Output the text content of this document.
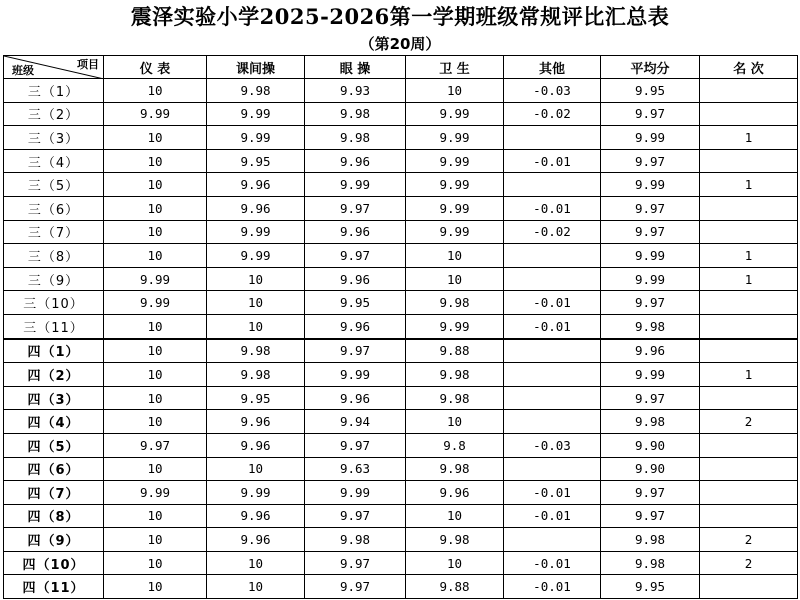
震泽实验小学2025-2026第一学期班级常规评比汇总表
（第20周）
项目
班级	仪 表	课间操	眼 操	卫 生	其他	平均分	名 次
三（1）	10	9.98	9.93	10	-0.03	9.95	
三（2）	9.99	9.99	9.98	9.99	-0.02	9.97	
三（3）	10	9.99	9.98	9.99		9.99	1
三（4）	10	9.95	9.96	9.99	-0.01	9.97	
三（5）	10	9.96	9.99	9.99		9.99	1
三（6）	10	9.96	9.97	9.99	-0.01	9.97	
三（7）	10	9.99	9.96	9.99	-0.02	9.97	
三（8）	10	9.99	9.97	10		9.99	1
三（9）	9.99	10	9.96	10		9.99	1
三（10）	9.99	10	9.95	9.98	-0.01	9.97	
三（11）	10	10	9.96	9.99	-0.01	9.98	
四（1）	10	9.98	9.97	9.88		9.96	
四（2）	10	9.98	9.99	9.98		9.99	1
四（3）	10	9.95	9.96	9.98		9.97	
四（4）	10	9.96	9.94	10		9.98	2
四（5）	9.97	9.96	9.97	9.8	-0.03	9.90	
四（6）	10	10	9.63	9.98		9.90	
四（7）	9.99	9.99	9.99	9.96	-0.01	9.97	
四（8）	10	9.96	9.97	10	-0.01	9.97	
四（9）	10	9.96	9.98	9.98		9.98	2
四（10）	10	10	9.97	10	-0.01	9.98	2
四（11）	10	10	9.97	9.88	-0.01	9.95	
